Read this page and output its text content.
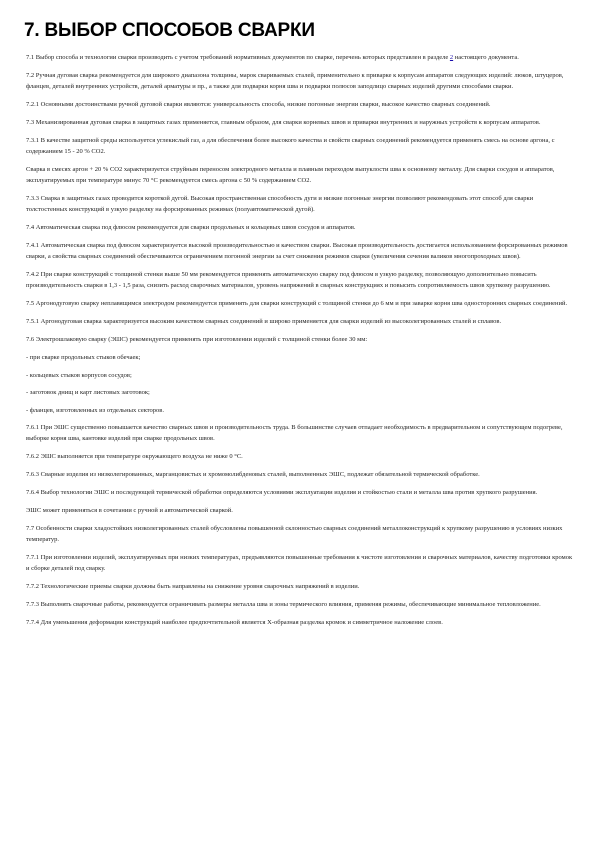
7. ВЫБОР СПОСОБОВ СВАРКИ

7.1 Выбор способа и технологии сварки производить с учетом требований нормативных документов по сварке, перечень которых представлен в разделе 2 настоящего документа.

7.2 Ручная дуговая сварка рекомендуется для широкого диапазона толщины, марок свариваемых сталей, применительно к приварке к корпусам аппаратов следующих изделий: люков, штуцеров, фланцев, деталей внутренних устройств, деталей арматуры и пр., а также для подварки корня шва и подварки полюсов заподлицо сварных изделий другими способами сварки.

7.2.1 Основными достоинствами ручной дуговой сварки являются: универсальность способа, низкие погонные энергии сварки, высокое качество сварных соединений.

7.3 Механизированная дуговая сварка в защитных газах применяется, главным образом, для сварки корневых швов и приварки внутренних и наружных устройств к корпусам аппаратов.

7.3.1 В качестве защитной среды используется углекислый газ, а для обеспечения более высокого качества и свойств сварных соединений рекомендуется применять смесь на основе аргона, с содержанием 15 - 20 % CO2.

Сварка в смесях аргон + 20 % CO2 характеризуется струйным переносом электродного металла и плавным переходом выпуклости шва к основному металлу. Для сварки сосудов и аппаратов, эксплуатируемых при температуре минус 70 °С рекомендуется смесь аргона с 50 % содержанием CO2.

7.3.3 Сварка в защитных газах проводится короткой дугой. Высокая пространственная способность дуги и низкие погонные энергии позволяют рекомендовать этот способ для сварки толстостенных конструкций в узкую разделку на форсированных режимах (полуавтоматической дугой).

7.4 Автоматическая сварка под флюсом рекомендуется для сварки продольных и кольцевых швов сосудов и аппаратов.

7.4.1 Автоматическая сварка под флюсом характеризуется высокой производительностью и качеством сварки. Высокая производительность достигается использованием форсированных режимов сварки, а свойства сварных соединений обеспечиваются ограничением погонной энергии за счет снижения режимов сварки (увеличения сечения валиков многопроходных швов).

7.4.2 При сварке конструкций с толщиной стенки выше 50 мм рекомендуется применять автоматическую сварку под флюсом в узкую разделку, позволяющую дополнительно повысить производительность сварки в 1,3 - 1,5 раза, снизить расход сварочных материалов, уровень напряжений в сварных конструкциях и повысить сопротивляемость швов хрупкому разрушению.

7.5 Аргонодуговую сварку неплавящимся электродом рекомендуется применять для сварки конструкций с толщиной стенки до 6 мм и при заварке корня шва односторонних сварных соединений.

7.5.1 Аргонодуговая сварка характеризуется высоким качеством сварных соединений и широко применяется для сварки изделий из высоколегированных сталей и сплавов.

7.6 Электрошлаковую сварку (ЭШС) рекомендуется применять при изготовлении изделий с толщиной стенки более 30 мм:

- при сварке продольных стыков обечаек;

- кольцевых стыков корпусов сосудов;

- заготовок днищ и карт листовых заготовок;

- фланцев, изготовленных из отдельных секторов.

7.6.1 При ЭШС существенно повышается качество сварных швов и производительность труда. В большинстве случаев отпадает необходимость в предварительном и сопутствующем подогреве, выборке корня шва, кантовке изделий при сварке продольных швов.

7.6.2 ЭШС выполняется при температуре окружающего воздуха не ниже 0 °С.

7.6.3 Сварные изделия из низколегированных, марганцовистых и хромомолибденовых сталей, выполненных ЭШС, подлежат обязательной термической обработке.

7.6.4 Выбор технологии ЭШС и последующей термической обработки определяются условиями эксплуатации изделия и стойкостью стали и металла шва против хрупкого разрушения.

ЭШС может применяться в сочетании с ручной и автоматической сваркой.

7.7 Особенности сварки хладостойких низколегированных сталей обусловлены повышенной склонностью сварных соединений металлоконструкций к хрупкому разрушению в условиях низких температур.

7.7.1 При изготовлении изделий, эксплуатируемых при низких температурах, предъявляются повышенные требования к чистоте изготовления и сварочных материалов, качеству подготовки кромок и сборке деталей под сварку.

7.7.2 Технологические приемы сварки должны быть направлены на снижение уровня сварочных напряжений в изделии.

7.7.3 Выполнять сварочные работы, рекомендуется ограничивать размеры металла шва и зоны термического влияния, применяя режимы, обеспечивающие минимальное тепловложение.

7.7.4 Для уменьшения деформации конструкций наиболее предпочтительной является Х-образная разделка кромок и симметричное наложение слоев.
